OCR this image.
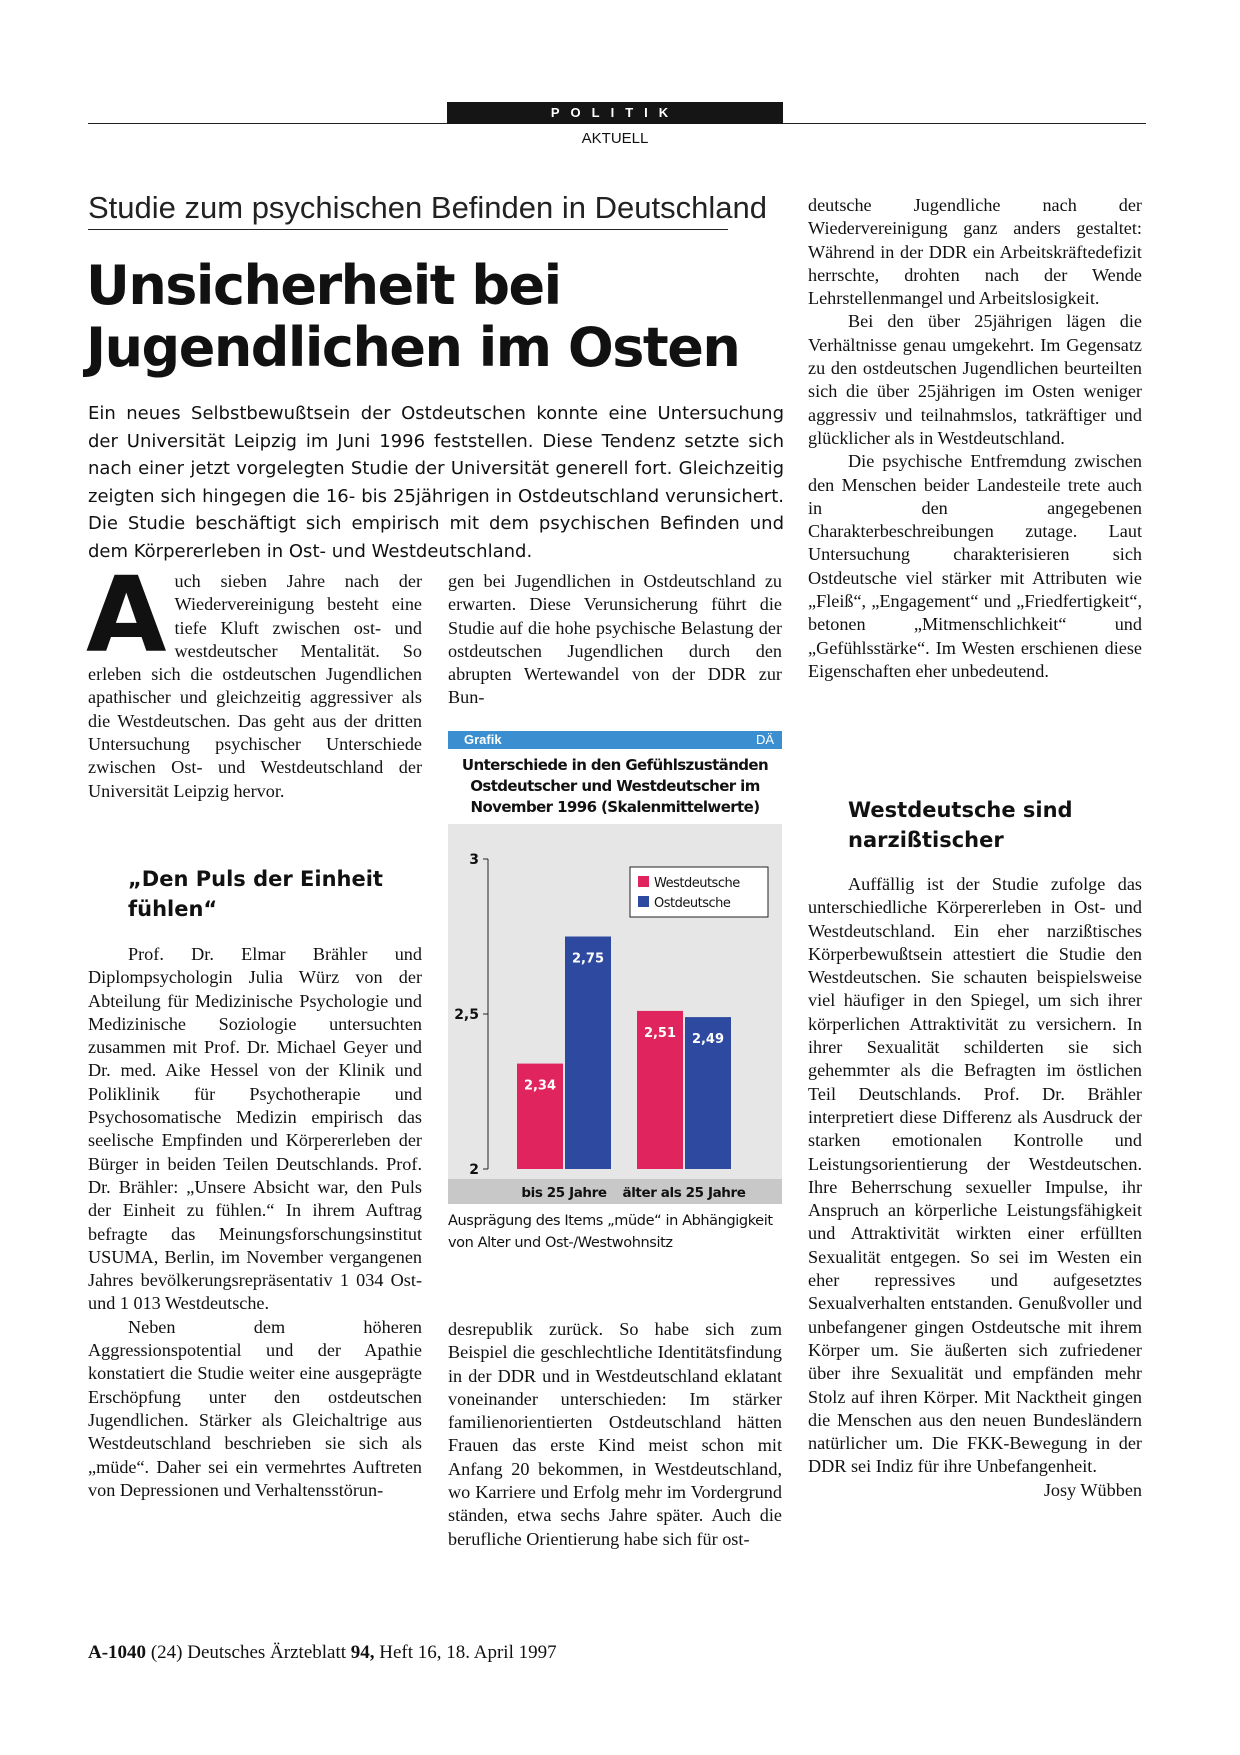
POLITIK
AKTUELL
Studie zum psychischen Befinden in Deutschland
Unsicherheit bei Jugendlichen im Osten

Ein neues Selbstbewußtsein der Ostdeutschen konnte eine Untersuchung der Universität Leipzig im Juni 1996 feststellen. Diese Tendenz setzte sich nach einer jetzt vorgelegten Studie der Universität generell fort. Gleichzeitig zeigten sich hingegen die 16- bis 25jährigen in Ostdeutschland verunsichert. Die Studie beschäftigt sich empirisch mit dem psychischen Befinden und dem Körpererleben in Ost- und Westdeutschland.

Auch sieben Jahre nach der Wiedervereinigung besteht eine tiefe Kluft zwischen ost- und westdeutscher Mentalität. So erleben sich die ostdeutschen Jugendlichen apathischer und gleichzeitig aggressiver als die Westdeutschen. Das geht aus der dritten Untersuchung psychischer Unterschiede zwischen Ost- und Westdeutschland der Universität Leipzig hervor.

„Den Puls der Einheit fühlen“

Prof. Dr. Elmar Brähler und Diplompsychologin Julia Würz von der Abteilung für Medizinische Psychologie und Medizinische Soziologie untersuchten zusammen mit Prof. Dr. Michael Geyer und Dr. med. Aike Hessel von der Klinik und Poliklinik für Psychotherapie und Psychosomatische Medizin empirisch das seelische Empfinden und Körpererleben der Bürger in beiden Teilen Deutschlands. Prof. Dr. Brähler: „Unsere Absicht war, den Puls der Einheit zu fühlen.“ In ihrem Auftrag befragte das Meinungsforschungsinstitut USUMA, Berlin, im November vergangenen Jahres bevölkerungsrepräsentativ 1 034 Ost- und 1 013 Westdeutsche.

Neben dem höheren Aggressionspotential und der Apathie konstatiert die Studie weiter eine ausgeprägte Erschöpfung unter den ostdeutschen Jugendlichen. Stärker als Gleichaltrige aus Westdeutschland beschrieben sie sich als „müde“. Daher sei ein vermehrtes Auftreten von Depressionen und Verhaltensstörun-

gen bei Jugendlichen in Ostdeutschland zu erwarten. Diese Verunsicherung führt die Studie auf die hohe psychische Belastung der ostdeutschen Jugendlichen durch den abrupten Wertewandel von der DDR zur Bun-

Grafik	DÄ
Unterschiede in den Gefühlszuständen Ostdeutscher und Westdeutscher im November 1996 (Skalenmittelwerte)
2
2,5
3
2,34
2,75
bis 25 Jahre
2,51 2,49
älter als 25 Jahre
Westdeutsche
Ostdeutsche
Ausprägung des Items „müde“ in Abhängigkeit von Alter und Ost-/Westwohnsitz

desrepublik zurück. So habe sich zum Beispiel die geschlechtliche Identitätsfindung in der DDR und in Westdeutschland eklatant voneinander unterschieden: Im stärker familienorientierten Ostdeutschland hätten Frauen das erste Kind meist schon mit Anfang 20 bekommen, in Westdeutschland, wo Karriere und Erfolg mehr im Vordergrund ständen, etwa sechs Jahre später. Auch die berufliche Orientierung habe sich für ost-

deutsche Jugendliche nach der Wiedervereinigung ganz anders gestaltet: Während in der DDR ein Arbeitskräftedefizit herrschte, drohten nach der Wende Lehrstellenmangel und Arbeitslosigkeit.

Bei den über 25jährigen lägen die Verhältnisse genau umgekehrt. Im Gegensatz zu den ostdeutschen Jugendlichen beurteilten sich die über 25jährigen im Osten weniger aggressiv und teilnahmslos, tatkräftiger und glücklicher als in Westdeutschland.

Die psychische Entfremdung zwischen den Menschen beider Landesteile trete auch in den angegebenen Charakterbeschreibungen zutage. Laut Untersuchung charakterisieren sich Ostdeutsche viel stärker mit Attributen wie „Fleiß“, „Engagement“ und „Friedfertigkeit“, betonen „Mitmenschlichkeit“ und „Gefühlsstärke“. Im Westen erschienen diese Eigenschaften eher unbedeutend.

Westdeutsche sind narzißtischer

Auffällig ist der Studie zufolge das unterschiedliche Körpererleben in Ost- und Westdeutschland. Ein eher narzißtisches Körperbewußtsein attestiert die Studie den Westdeutschen. Sie schauten beispielsweise viel häufiger in den Spiegel, um sich ihrer körperlichen Attraktivität zu versichern. In ihrer Sexualität schilderten sie sich gehemmter als die Befragten im östlichen Teil Deutschlands. Prof. Dr. Brähler interpretiert diese Differenz als Ausdruck der starken emotionalen Kontrolle und Leistungsorientierung der Westdeutschen. Ihre Beherrschung sexueller Impulse, ihr Anspruch an körperliche Leistungsfähigkeit und Attraktivität wirkten einer erfüllten Sexualität entgegen. So sei im Westen ein eher repressives und aufgesetztes Sexualverhalten entstanden. Genußvoller und unbefangener gingen Ostdeutsche mit ihrem Körper um. Sie äußerten sich zufriedener über ihre Sexualität und empfänden mehr Stolz auf ihren Körper. Mit Nacktheit gingen die Menschen aus den neuen Bundesländern natürlicher um. Die FKK-Bewegung in der DDR sei Indiz für ihre Unbefangenheit.
Josy Wübben

A-1040 (24) Deutsches Ärzteblatt 94, Heft 16, 18. April 1997
